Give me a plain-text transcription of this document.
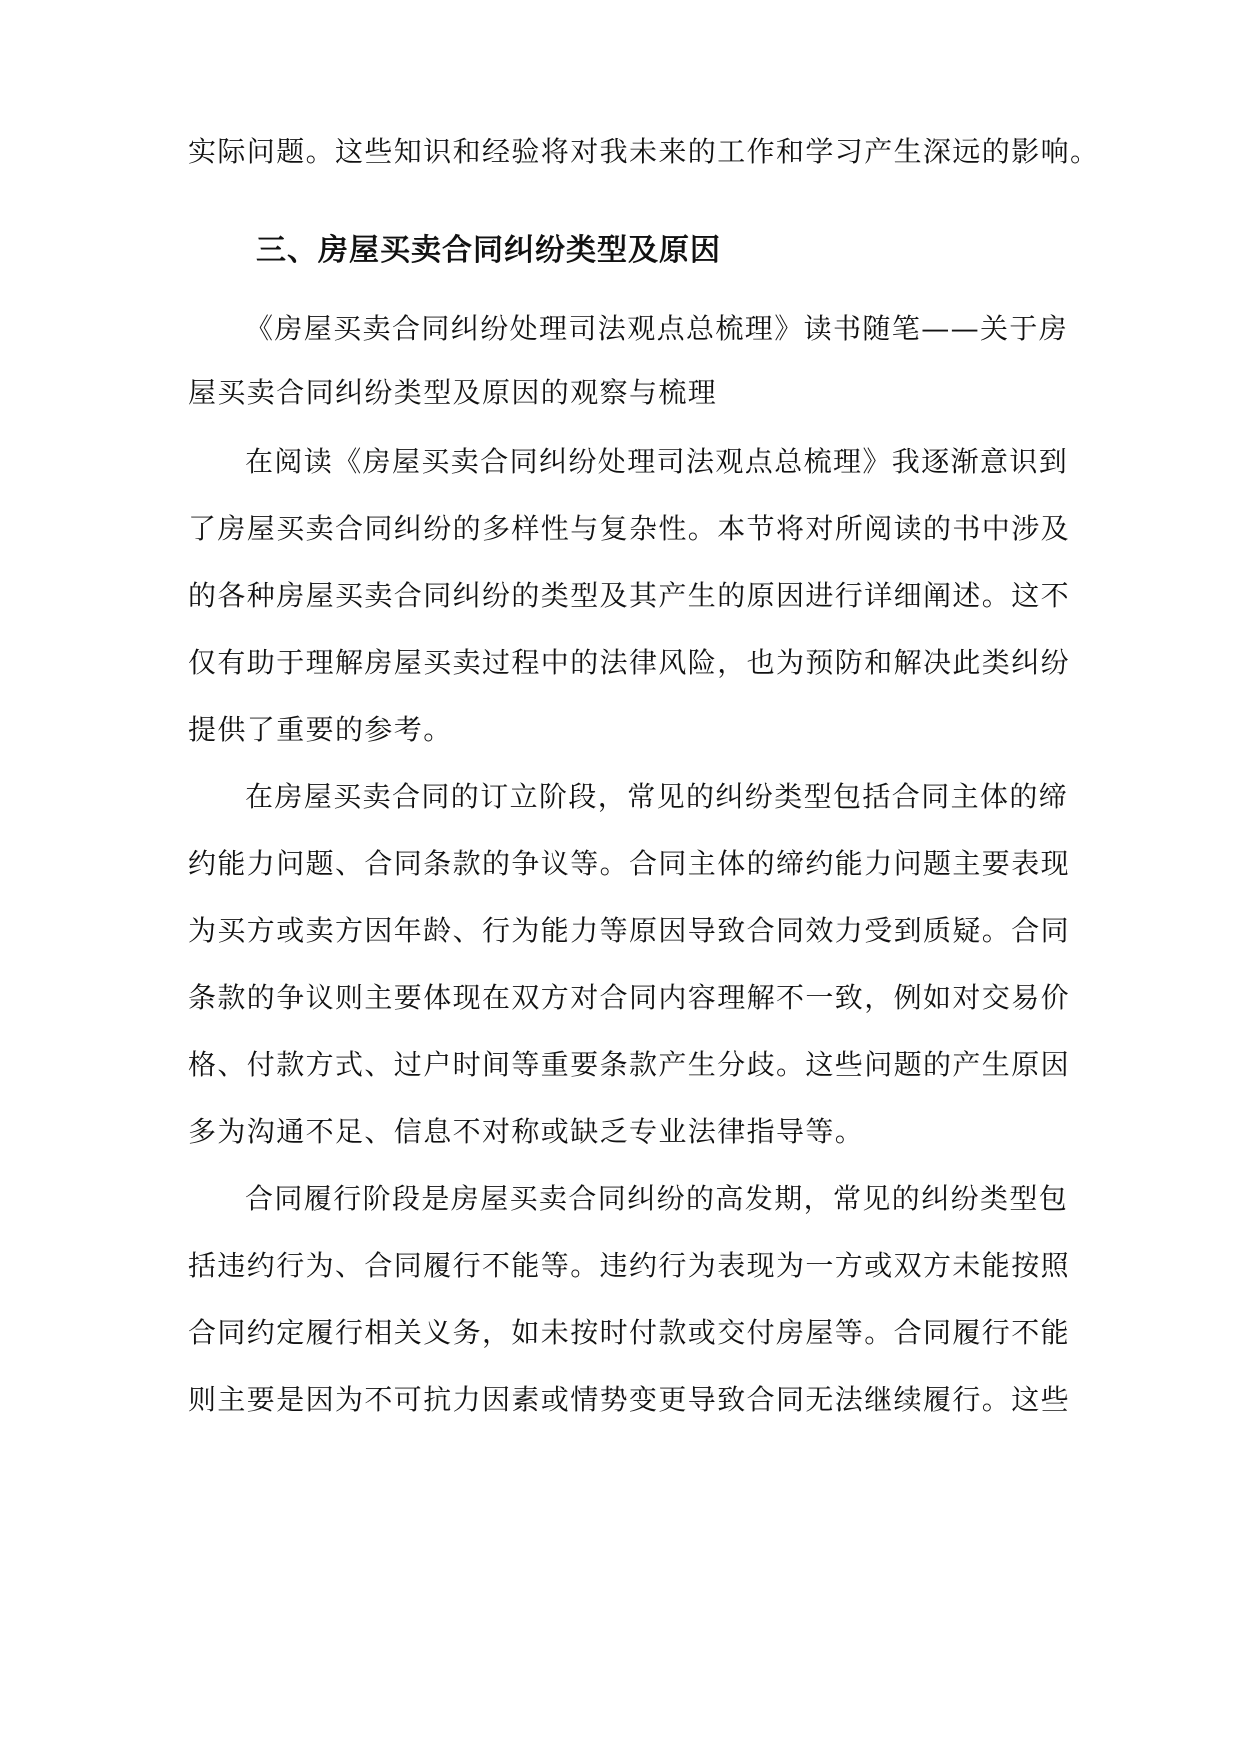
实际问题。这些知识和经验将对我未来的工作和学习产生深远的影响。
三、房屋买卖合同纠纷类型及原因
《房屋买卖合同纠纷处理司法观点总梳理》读书随笔——关于房
屋买卖合同纠纷类型及原因的观察与梳理
在阅读《房屋买卖合同纠纷处理司法观点总梳理》我逐渐意识到
了房屋买卖合同纠纷的多样性与复杂性。本节将对所阅读的书中涉及
的各种房屋买卖合同纠纷的类型及其产生的原因进行详细阐述。这不
仅有助于理解房屋买卖过程中的法律风险，也为预防和解决此类纠纷
提供了重要的参考。
在房屋买卖合同的订立阶段，常见的纠纷类型包括合同主体的缔
约能力问题、合同条款的争议等。合同主体的缔约能力问题主要表现
为买方或卖方因年龄、行为能力等原因导致合同效力受到质疑。合同
条款的争议则主要体现在双方对合同内容理解不一致，例如对交易价
格、付款方式、过户时间等重要条款产生分歧。这些问题的产生原因
多为沟通不足、信息不对称或缺乏专业法律指导等。
合同履行阶段是房屋买卖合同纠纷的高发期，常见的纠纷类型包
括违约行为、合同履行不能等。违约行为表现为一方或双方未能按照
合同约定履行相关义务，如未按时付款或交付房屋等。合同履行不能
则主要是因为不可抗力因素或情势变更导致合同无法继续履行。这些
